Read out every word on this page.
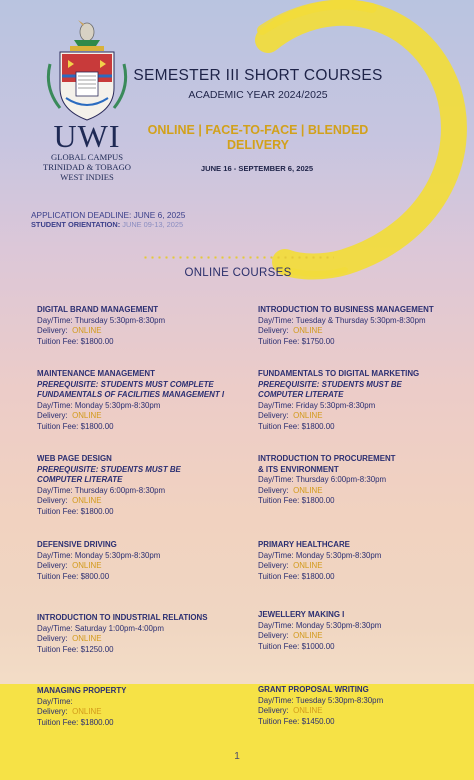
UWI
GLOBAL CAMPUS
TRINIDAD & TOBAGO
WEST INDIES
SEMESTER III SHORT COURSES
ACADEMIC YEAR 2024/2025
ONLINE | FACE-TO-FACE | BLENDED DELIVERY
JUNE 16 - SEPTEMBER 6, 2025
APPLICATION DEADLINE: JUNE 6, 2025
STUDENT ORIENTATION: JUNE 09-13, 2025
ONLINE COURSES
DIGITAL BRAND MANAGEMENT
Day/Time: Thursday 5:30pm-8:30pm
Delivery: ONLINE
Tuition Fee: $1800.00
INTRODUCTION TO BUSINESS MANAGEMENT
Day/Time: Tuesday & Thursday 5:30pm-8:30pm
Delivery: ONLINE
Tuition Fee: $1750.00
MAINTENANCE MANAGEMENT
PREREQUISITE: STUDENTS MUST COMPLETE
FUNDAMENTALS OF FACILITIES MANAGEMENT I
Day/Time: Monday 5:30pm-8:30pm
Delivery: ONLINE
Tuition Fee: $1800.00
FUNDAMENTALS TO DIGITAL MARKETING
PREREQUISITE: STUDENTS MUST BE
COMPUTER LITERATE
Day/Time: Friday 5:30pm-8:30pm
Delivery: ONLINE
Tuition Fee: $1800.00
WEB PAGE DESIGN
PREREQUISITE: STUDENTS MUST BE
COMPUTER LITERATE
Day/Time: Thursday 6:00pm-8:30pm
Delivery: ONLINE
Tuition Fee: $1800.00
INTRODUCTION TO PROCUREMENT
& ITS ENVIRONMENT
Day/Time: Thursday 6:00pm-8:30pm
Delivery: ONLINE
Tuition Fee: $1800.00
DEFENSIVE DRIVING
Day/Time: Monday 5:30pm-8:30pm
Delivery: ONLINE
Tuition Fee: $800.00
PRIMARY HEALTHCARE
Day/Time: Monday 5:30pm-8:30pm
Delivery: ONLINE
Tuition Fee: $1800.00
INTRODUCTION TO INDUSTRIAL RELATIONS
Day/Time: Saturday 1:00pm-4:00pm
Delivery: ONLINE
Tuition Fee: $1250.00
JEWELLERY MAKING I
Day/Time: Monday 5:30pm-8:30pm
Delivery: ONLINE
Tuition Fee: $1000.00
MANAGING PROPERTY
Day/Time:
Delivery: ONLINE
Tuition Fee: $1800.00
GRANT PROPOSAL WRITING
Day/Time: Tuesday 5:30pm-8:30pm
Delivery: ONLINE
Tuition Fee: $1450.00
1
